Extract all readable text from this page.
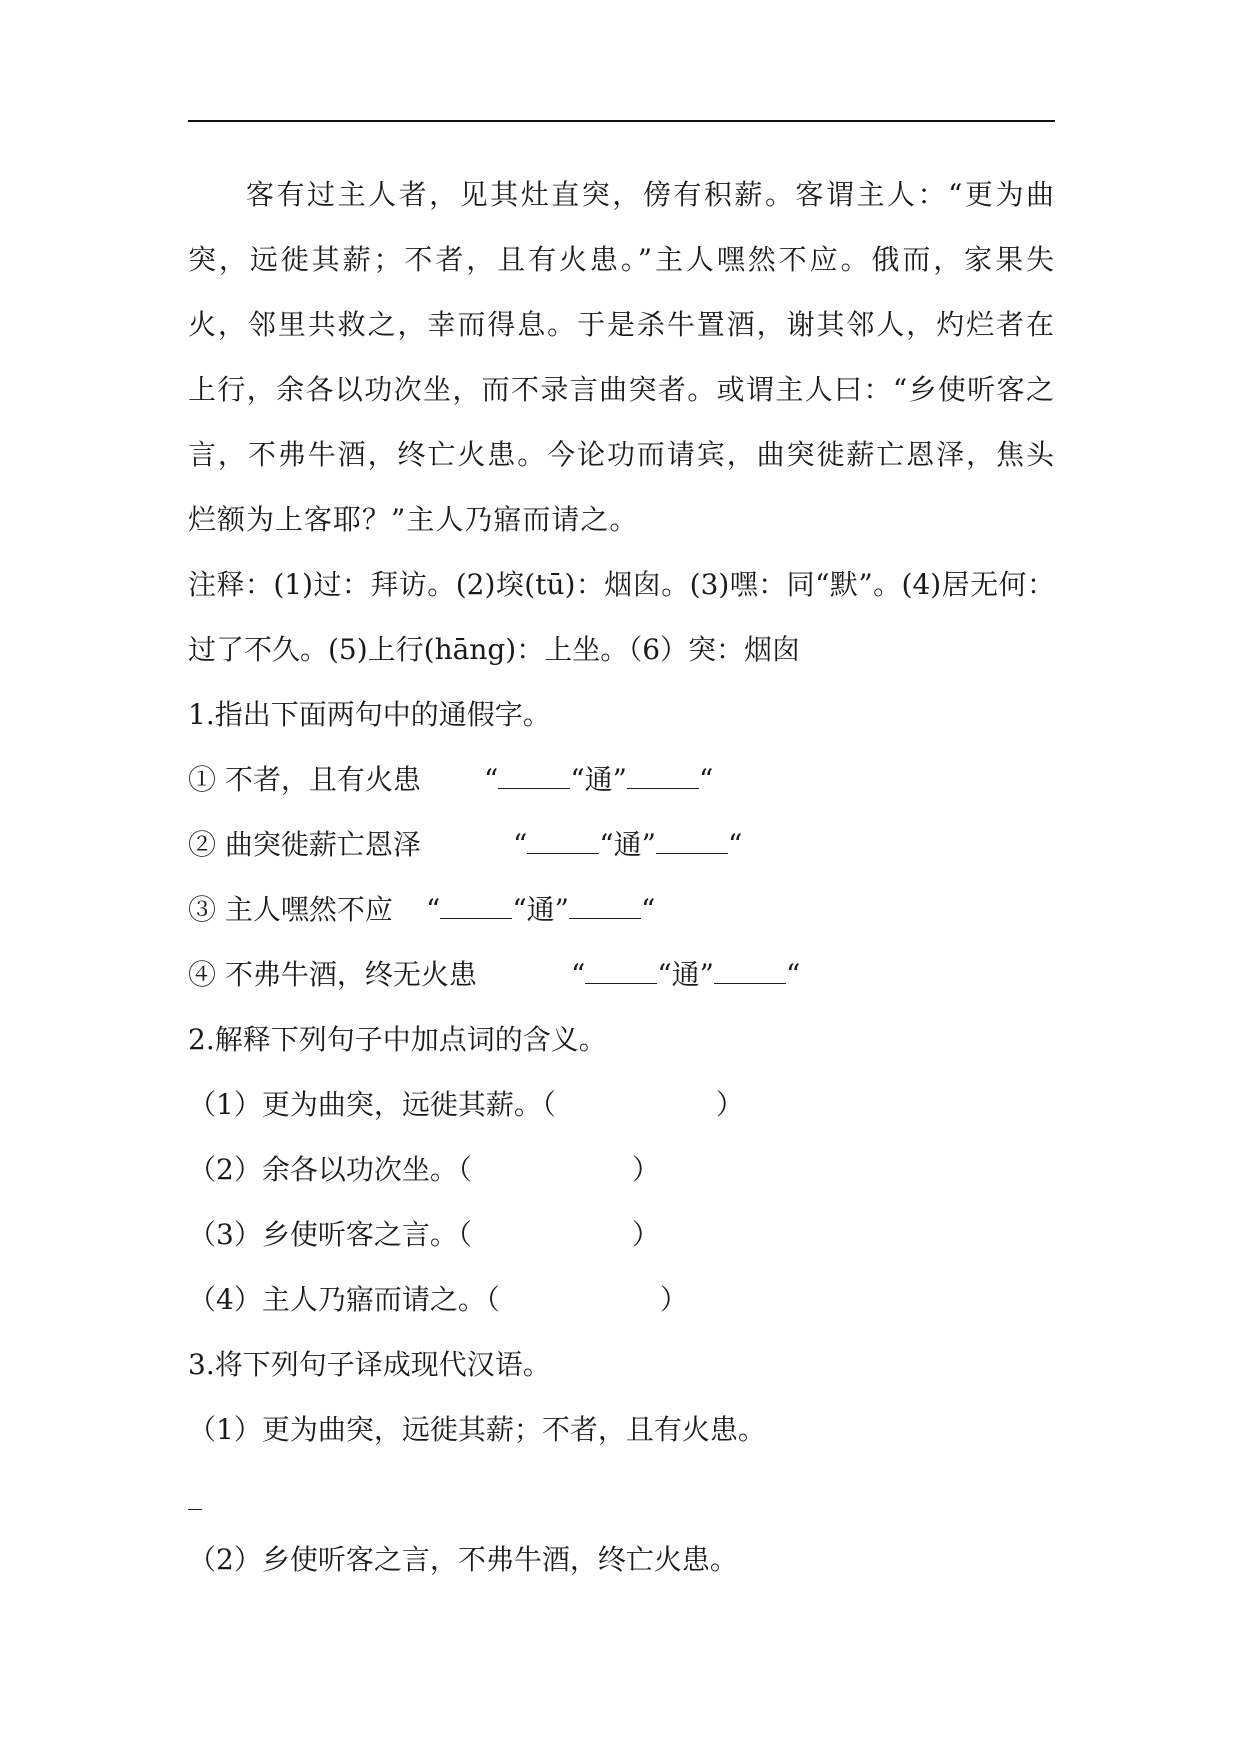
客有过主人者，见其灶直突，傍有积薪。客谓主人：“更为曲突，远徙其薪；不者，且有火患。”主人嘿然不应。俄而，家果失火，邻里共救之，幸而得息。于是杀牛置酒，谢其邻人，灼烂者在上行，余各以功次坐，而不录言曲突者。或谓主人曰：“乡使听客之言，不弗牛酒，终亡火患。今论功而请宾，曲突徙薪亡恩泽，焦头烂额为上客耶？”主人乃寤而请之。

注释：(1)过：拜访。(2)堗(tū)：烟囱。(3)嘿：同“默”。(4)居无何：过了不久。(5)上行(hāng)：上坐。（6）突：烟囱

1.指出下面两句中的通假字。
① 不者，且有火患	“	“通”	“
② 曲突徙薪亡恩泽	“	“通”	“
③ 主人嘿然不应	“	“通”	“
④ 不弗牛酒，终无火患	“	“通”	“
2.解释下列句子中加点词的含义。
（1）更为曲突，远徙其薪。（	）
（2）余各以功次坐。（	）
（3）乡使听客之言。（	）
（4）主人乃寤而请之。（	）
3.将下列句子译成现代汉语。
（1）更为曲突，远徙其薪；不者，且有火患。
（2）乡使听客之言，不弗牛酒，终亡火患。
